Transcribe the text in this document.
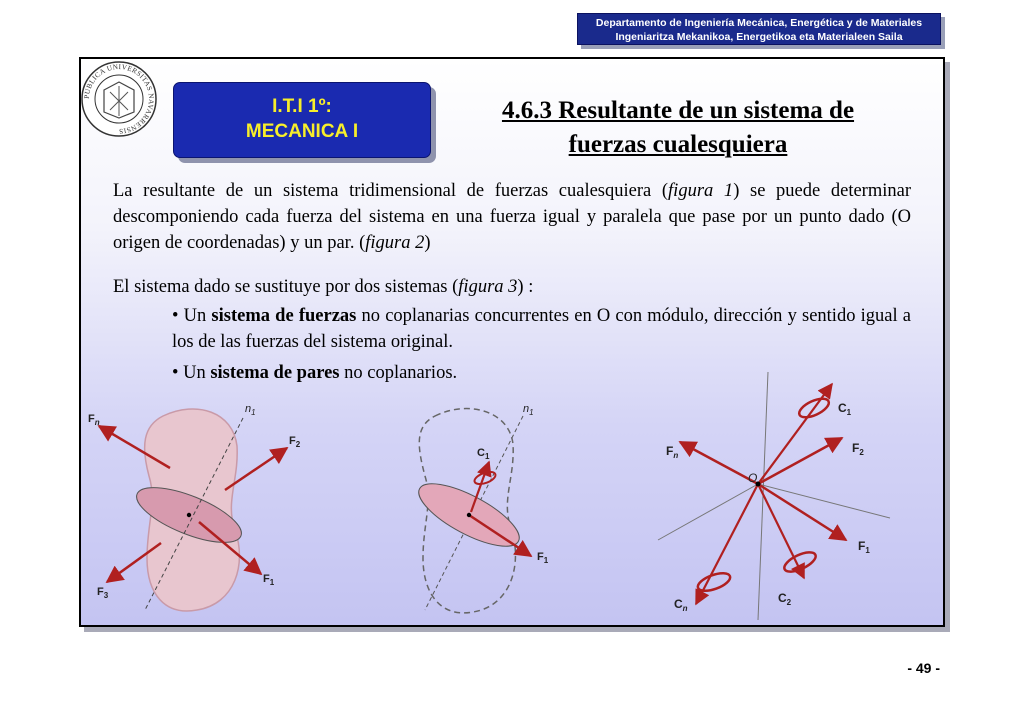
Departamento de Ingeniería Mecánica, Energética y de Materiales
Ingeniaritza Mekanikoa, Energetikoa eta Materialeen Saila
PUBLICA UNIVERSITAS NAVARRENSIS
I.T.I 1º:
MECANICA I
4.6.3 Resultante de un sistema de
fuerzas cualesquiera
La resultante de un sistema tridimensional de fuerzas cualesquiera (figura 1) se puede determinar descomponiendo cada fuerza del sistema en una fuerza igual y paralela que pase por un punto dado (O origen de coordenadas) y un par. (figura 2)
El sistema dado se sustituye por dos sistemas (figura 3) :
• Un sistema de fuerzas no coplanarias concurrentes en O con módulo, dirección y sentido igual a los de las fuerzas del sistema original.
• Un sistema de pares no coplanarios.
$F_n$
$F_2$
$F_3$
$F_1$
$n_1$	$n_1$
$C_1$
$F_1$
$C_1$
$F_n$
$F_2$
O
$F_1$
$C_2$
$C_n$
- 49 -
